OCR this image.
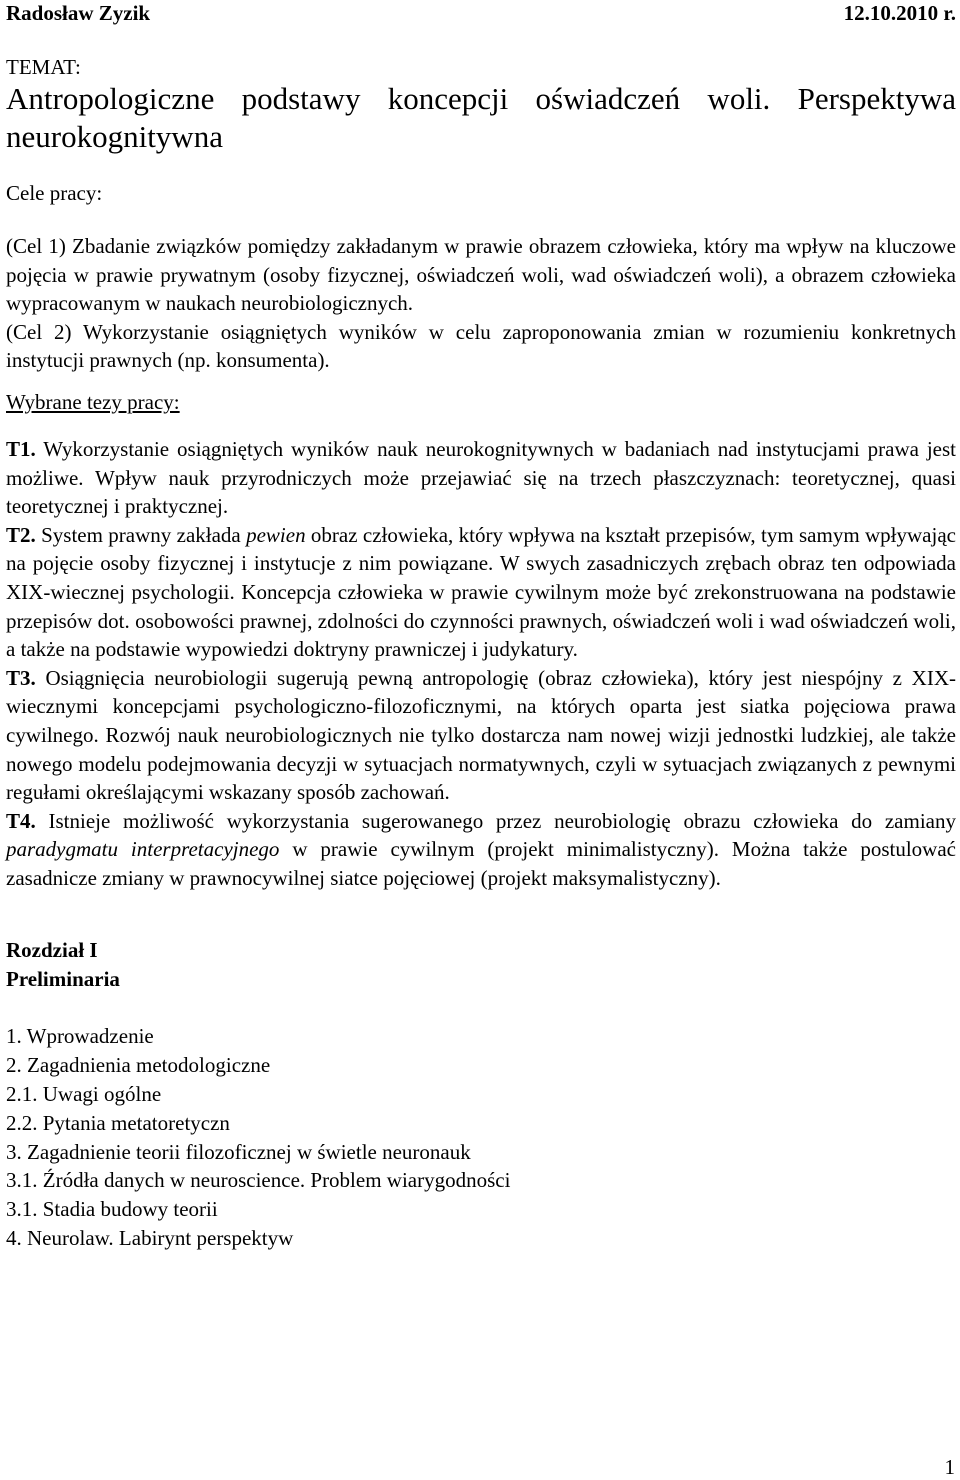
Radosław Zyzik	12.10.2010 r.
TEMAT:
Antropologiczne podstawy koncepcji oświadczeń woli. Perspektywa neurokognitywna
Cele pracy:

(Cel 1) Zbadanie związków pomiędzy zakładanym w prawie obrazem człowieka, który ma wpływ na kluczowe pojęcia w prawie prywatnym (osoby fizycznej, oświadczeń woli, wad oświadczeń woli), a obrazem człowieka wypracowanym w naukach neurobiologicznych.

(Cel 2) Wykorzystanie osiągniętych wyników w celu zaproponowania zmian w rozumieniu konkretnych instytucji prawnych (np. konsumenta).

Wybrane tezy pracy:

T1. Wykorzystanie osiągniętych wyników nauk neurokognitywnych w badaniach nad instytucjami prawa jest możliwe. Wpływ nauk przyrodniczych może przejawiać się na trzech płaszczyznach: teoretycznej, quasi teoretycznej i praktycznej.

T2. System prawny zakłada pewien obraz człowieka, który wpływa na kształt przepisów, tym samym wpływając na pojęcie osoby fizycznej i instytucje z nim powiązane. W swych zasadniczych zrębach obraz ten odpowiada XIX-wiecznej psychologii. Koncepcja człowieka w prawie cywilnym może być zrekonstruowana na podstawie przepisów dot. osobowości prawnej, zdolności do czynności prawnych, oświadczeń woli i wad oświadczeń woli, a także na podstawie wypowiedzi doktryny prawniczej i judykatury.

T3. Osiągnięcia neurobiologii sugerują pewną antropologię (obraz człowieka), który jest niespójny z XIX-wiecznymi koncepcjami psychologiczno-filozoficznymi, na których oparta jest siatka pojęciowa prawa cywilnego. Rozwój nauk neurobiologicznych nie tylko dostarcza nam nowej wizji jednostki ludzkiej, ale także nowego modelu podejmowania decyzji w sytuacjach normatywnych, czyli w sytuacjach związanych z pewnymi regułami określającymi wskazany sposób zachowań.

T4. Istnieje możliwość wykorzystania sugerowanego przez neurobiologię obrazu człowieka do zamiany paradygmatu interpretacyjnego w prawie cywilnym (projekt minimalistyczny). Można także postulować zasadnicze zmiany w prawnocywilnej siatce pojęciowej (projekt maksymalistyczny).

Rozdział I

Preliminaria

1. Wprowadzenie

2. Zagadnienia metodologiczne

2.1. Uwagi ogólne

2.2. Pytania metatoretyczn

3. Zagadnienie teorii filozoficznej w świetle neuronauk

3.1. Źródła danych w neuroscience. Problem wiarygodności

3.1. Stadia budowy teorii

4. Neurolaw. Labirynt perspektyw

1
